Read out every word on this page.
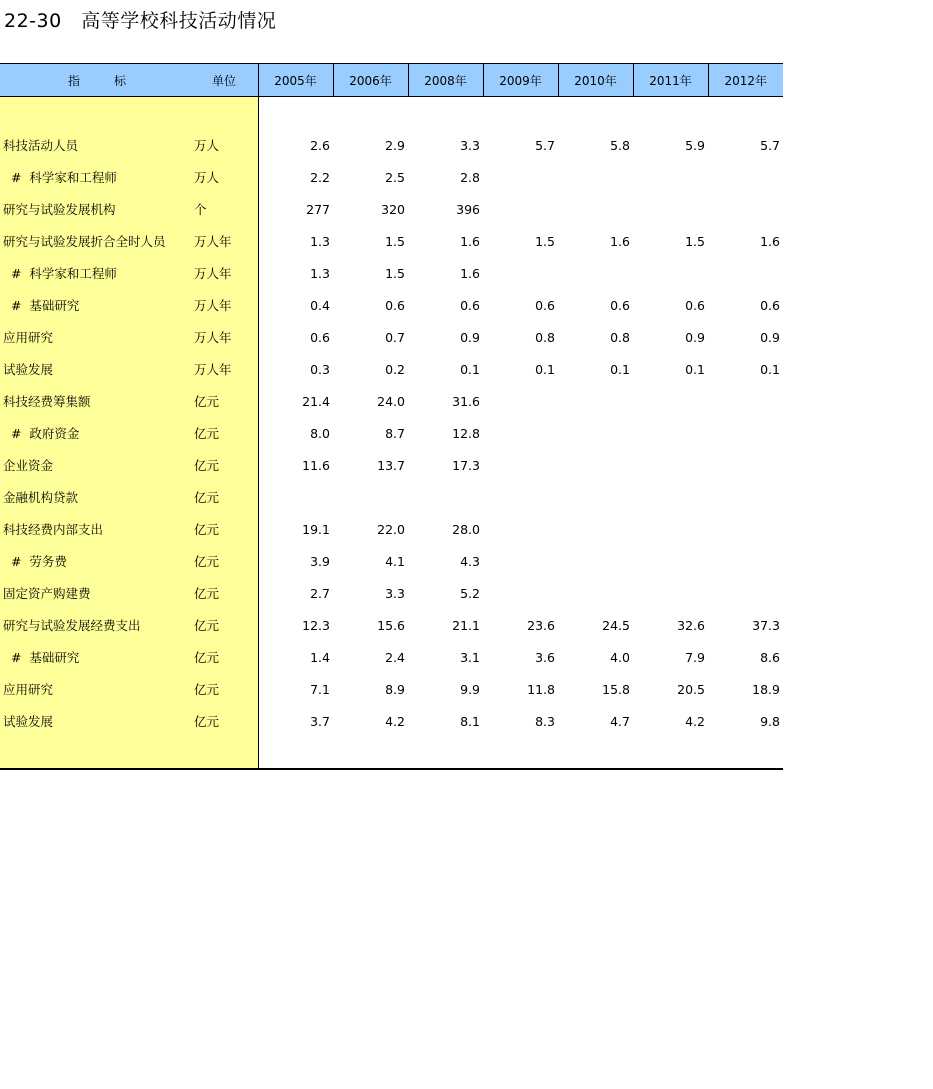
22-30　高等学校科技活动情况
指 标	单位	2005年	2006年	2008年	2009年	2010年	2011年	2012年

科技活动人员	万人	2.6	2.9	3.3	5.7	5.8	5.9	5.7
#  科学家和工程师	万人	2.2	2.5	2.8				
研究与试验发展机构	个	277	320	396				
研究与试验发展折合全时人员	万人年	1.3	1.5	1.6	1.5	1.6	1.5	1.6
#  科学家和工程师	万人年	1.3	1.5	1.6				
#  基础研究	万人年	0.4	0.6	0.6	0.6	0.6	0.6	0.6
应用研究	万人年	0.6	0.7	0.9	0.8	0.8	0.9	0.9
试验发展	万人年	0.3	0.2	0.1	0.1	0.1	0.1	0.1
科技经费筹集额	亿元	21.4	24.0	31.6				
#  政府资金	亿元	8.0	8.7	12.8				
企业资金	亿元	11.6	13.7	17.3				
金融机构贷款	亿元							
科技经费内部支出	亿元	19.1	22.0	28.0				
#  劳务费	亿元	3.9	4.1	4.3				
固定资产购建费	亿元	2.7	3.3	5.2				
研究与试验发展经费支出	亿元	12.3	15.6	21.1	23.6	24.5	32.6	37.3
#  基础研究	亿元	1.4	2.4	3.1	3.6	4.0	7.9	8.6
应用研究	亿元	7.1	8.9	9.9	11.8	15.8	20.5	18.9
试验发展	亿元	3.7	4.2	8.1	8.3	4.7	4.2	9.8
